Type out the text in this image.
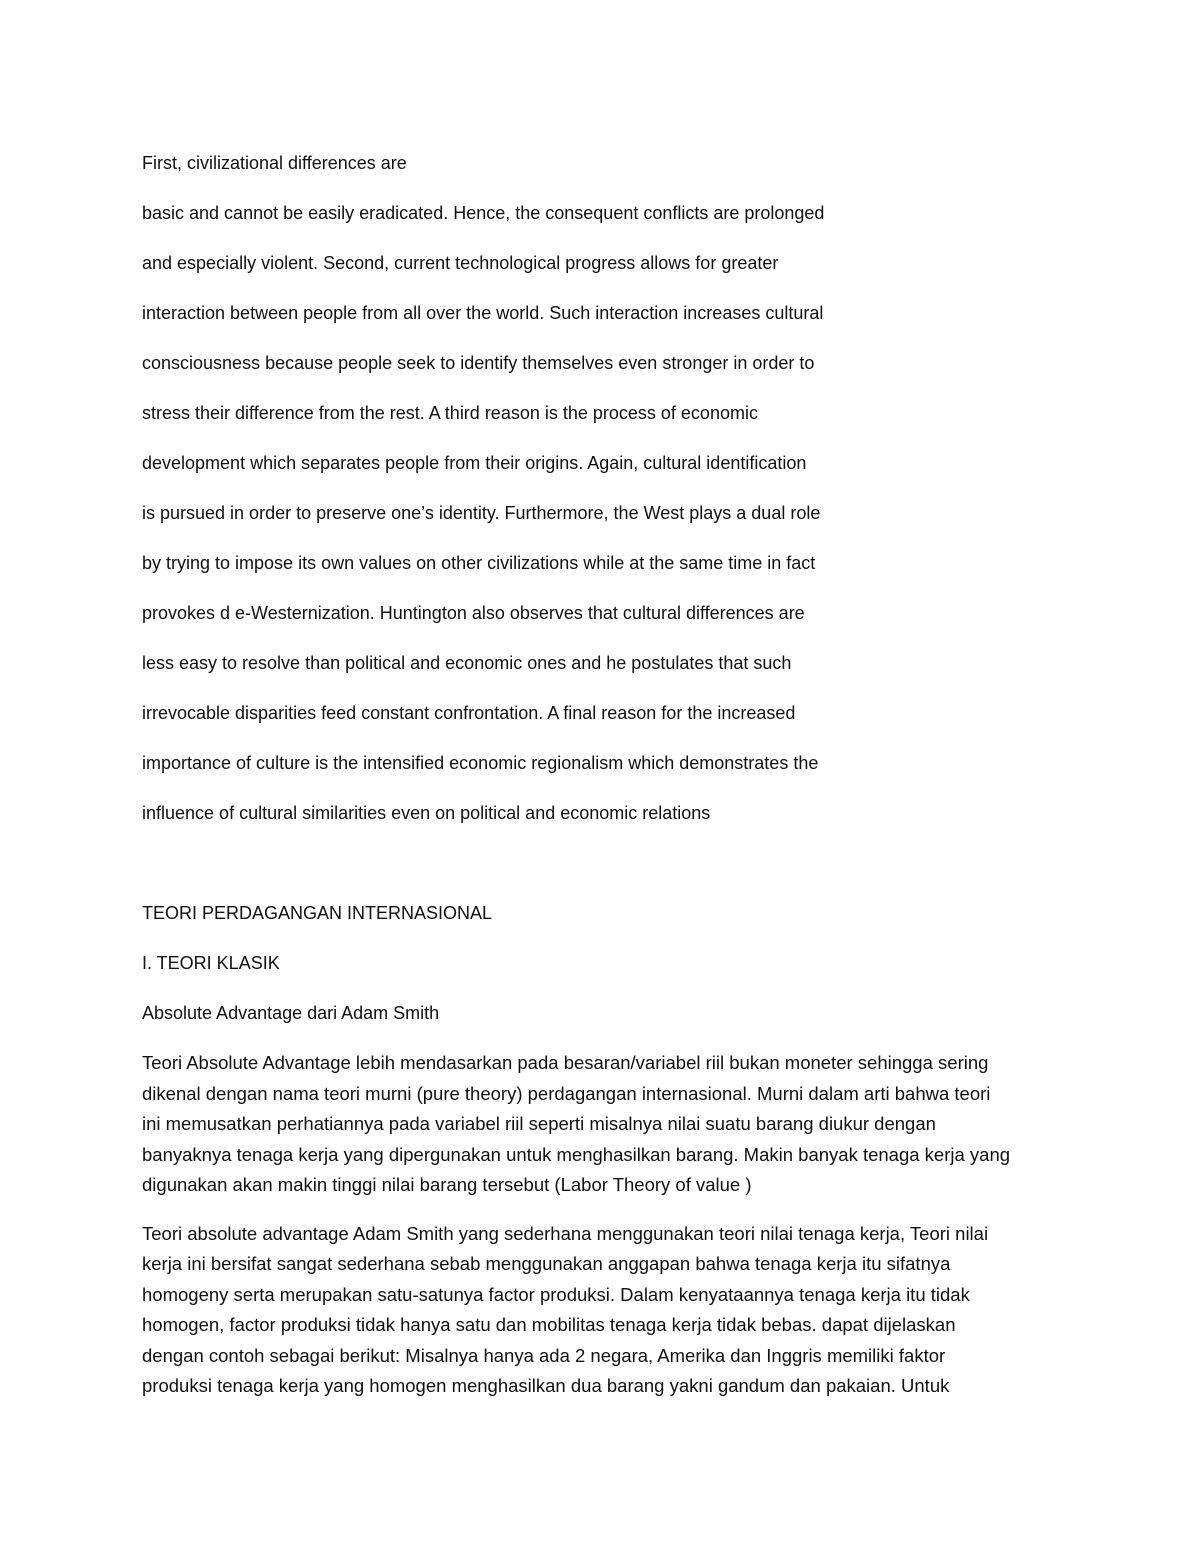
First, civilizational differences are
basic and cannot be easily eradicated. Hence, the consequent conflicts are prolonged
and especially violent. Second, current technological progress allows for greater
interaction between people from all over the world. Such interaction increases cultural
consciousness because people seek to identify themselves even stronger in order to
stress their difference from the rest. A third reason is the process of economic
development which separates people from their origins. Again, cultural identification
is pursued in order to preserve one’s identity. Furthermore, the West plays a dual role
by trying to impose its own values on other civilizations while at the same time in fact
provokes d e-Westernization. Huntington also observes that cultural differences are
less easy to resolve than political and economic ones and he postulates that such
irrevocable disparities feed constant confrontation. A final reason for the increased
importance of culture is the intensified economic regionalism which demonstrates the
influence of cultural similarities even on political and economic relations
TEORI PERDAGANGAN INTERNASIONAL
I. TEORI KLASIK
Absolute Advantage dari Adam Smith
Teori Absolute Advantage lebih mendasarkan pada besaran/variabel riil bukan moneter sehingga sering
dikenal dengan nama teori murni (pure theory) perdagangan internasional. Murni dalam arti bahwa teori
ini memusatkan perhatiannya pada variabel riil seperti misalnya nilai suatu barang diukur dengan
banyaknya tenaga kerja yang dipergunakan untuk menghasilkan barang. Makin banyak tenaga kerja yang
digunakan akan makin tinggi nilai barang tersebut (Labor Theory of value )
Teori absolute advantage Adam Smith yang sederhana menggunakan teori nilai tenaga kerja, Teori nilai
kerja ini bersifat sangat sederhana sebab menggunakan anggapan bahwa tenaga kerja itu sifatnya
homogeny serta merupakan satu-satunya factor produksi. Dalam kenyataannya tenaga kerja itu tidak
homogen, factor produksi tidak hanya satu dan mobilitas tenaga kerja tidak bebas. dapat dijelaskan
dengan contoh sebagai berikut: Misalnya hanya ada 2 negara, Amerika dan Inggris memiliki faktor
produksi tenaga kerja yang homogen menghasilkan dua barang yakni gandum dan pakaian. Untuk
